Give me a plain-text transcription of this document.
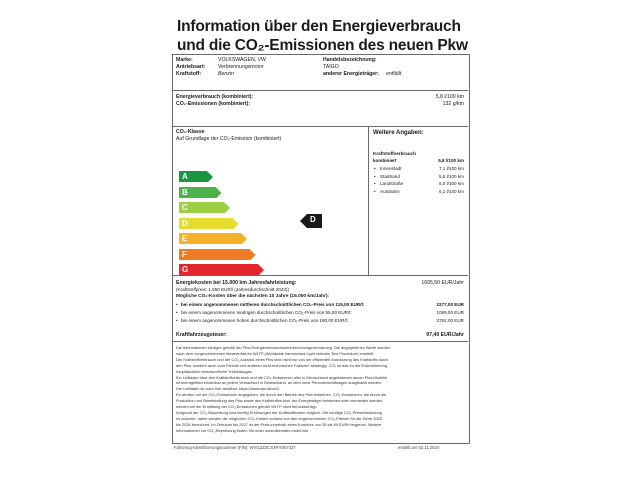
Information über den Energieverbrauch
und die CO₂-Emissionen des neuen Pkw
Marke:	VOLKSWAGEN, VW
Antriebsart: Verbrennungsmotor
Kraftstoff:	Benzin
Handelsbezeichnung:
TAIGO
anderer Energieträger: entfällt
Energieverbrauch (kombiniert):	5,8 l/100 km
CO₂-Emissionen (kombiniert):	132 g/km
CO₂-Klasse
Auf Grundlage der CO₂-Emission (kombiniert)
A
B
C
D
E
F
G
D
Weitere Angaben:
Kraftstoffverbrauch
kombiniert	5,8 l/100 km
• Innenstadt	7,1 l/100 km
• Stadtrand	5,6 l/100 km
• Landstraße	5,0 l/100 km
• Autobahn	6,1 l/100 km
Energiekosten bei 15.000 km Jahresfahrleistung:	1605,50 EUR/Jahr
(Kraftstoffpreis: 1,850 EUR/l (Jahresdurchschnitt 2023))
Mögliche CO₂-Kosten über die nächsten 10 Jahre (15.000 km/Jahr):
• bei einem angenommenen mittleren durchschnittlichen CO₂-Preis von 115,00 EUR/t:	2277,00 EUR
• bei einem angenommenen niedrigen durchschnittlichen CO₂-Preis von 55,00 EUR/t:	1089,00 EUR
• bei einem angenommenen hohen durchschnittlichen CO₂-Preis von 190,00 EUR/t:	3762,00 EUR
Kraftfahrzeugsteuer:	97,40 EUR/Jahr
Die Informationen erfolgen gemäß der Pkw-Energieverbrauchskennzeichnungsverordnung. Die angegebenen Werte wurden
nach dem vorgeschriebenen Messverfahren WLTP (Worldwide harmonised Light vehicles Test Procedure) ermittelt.
Der Kraftstoffverbrauch und der CO₂-Ausstoß eines Pkw sind nicht nur von der effizienten Ausnutzung des Kraftstoffs durch
den Pkw, sondern auch vom Fahrstil und anderen nicht-technischen Faktoren abhängig. CO₂ ist das für die Erderwärmung
hauptsächlich verantwortliche Treibhausgas.
Ein Leitfaden über den Kraftstoffverbrauch und die CO₂-Emissionen aller in Deutschland angebotenen neuen Pkw-Modelle
ist unentgeltlich einsehbar an jedem Verkaufsort in Deutschland, an dem neue Personenkraftwagen ausgestellt werden.
Der Leitfaden ist auch hier abrufbar: https://www.dat.de/co2/.
Es werden nur die CO₂-Emissionen angegeben, die durch den Betrieb des Pkw entstehen. CO₂-Emissionen, die durch die
Produktion und Bereitstellung des Pkw sowie des Kraftstoffes bzw. der Energieträger entstehen oder vermieden werden,
werden bei der Ermittlung der CO₂-Emissionen gemäß WLTP nicht berücksichtigt.
Aufgrund der CO₂-Bepreisung sind künftig Erhöhungen der Kraftstoffkosten möglich. Die künftige CO₂-Preisentwicklung
ist unsicher, daher werden die möglichen CO₂-Kosten anhand von drei angenommenen CO₂-Preisen für die Jahre 2025
bis 2034 berechnet. Im Zeitraum bis 2027 ist der Preis innerhalb eines Korridors von 55 bis 80 EUR/t begrenzt. Weitere
Informationen zur CO₂-Bepreisung finden Sie unter www.alternativ-mobil.info
Fahrzeug-Identifizierungsnummer (FIN): WVGZZZCSXRY007427	erstellt am 02.11.2024
